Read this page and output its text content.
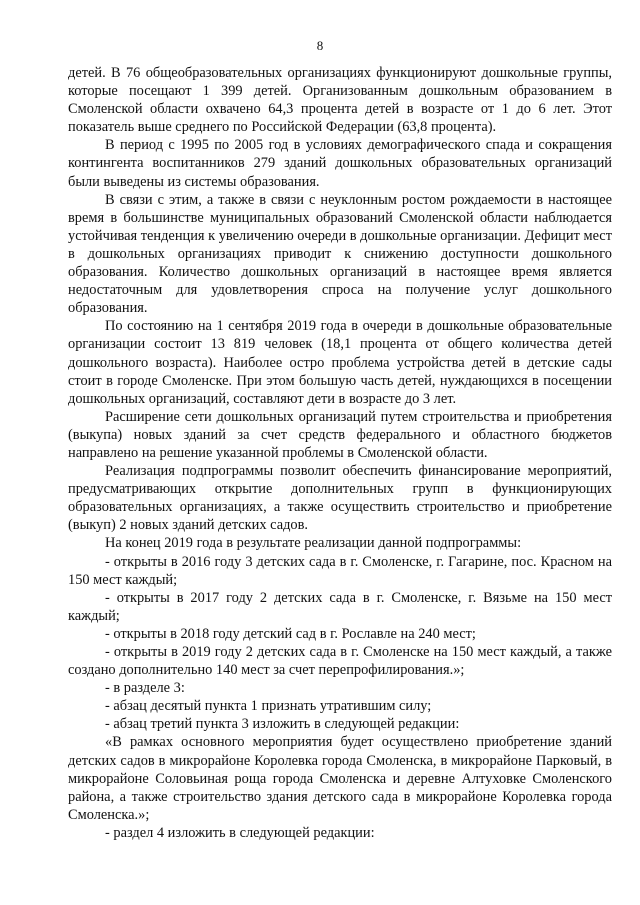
8

детей. В 76 общеобразовательных организациях функционируют дошкольные группы, которые посещают 1 399 детей. Организованным дошкольным образованием в Смоленской области охвачено 64,3 процента детей в возрасте от 1 до 6 лет. Этот показатель выше среднего по Российской Федерации (63,8 процента).

В период с 1995 по 2005 год в условиях демографического спада и сокращения контингента воспитанников 279 зданий дошкольных образовательных организаций были выведены из системы образования.

В связи с этим, а также в связи с неуклонным ростом рождаемости в настоящее время в большинстве муниципальных образований Смоленской области наблюдается устойчивая тенденция к увеличению очереди в дошкольные организации. Дефицит мест в дошкольных организациях приводит к снижению доступности дошкольного образования. Количество дошкольных организаций в настоящее время является недостаточным для удовлетворения спроса на получение услуг дошкольного образования.

По состоянию на 1 сентября 2019 года в очереди в дошкольные образовательные организации состоит 13 819 человек (18,1 процента от общего количества детей дошкольного возраста). Наиболее остро проблема устройства детей в детские сады стоит в городе Смоленске. При этом большую часть детей, нуждающихся в посещении дошкольных организаций, составляют дети в возрасте до 3 лет.

Расширение сети дошкольных организаций путем строительства и приобретения (выкупа) новых зданий за счет средств федерального и областного бюджетов направлено на решение указанной проблемы в Смоленской области.

Реализация подпрограммы позволит обеспечить финансирование мероприятий, предусматривающих открытие дополнительных групп в функционирующих образовательных организациях, а также осуществить строительство и приобретение (выкуп) 2 новых зданий детских садов.

На конец 2019 года в результате реализации данной подпрограммы:

- открыты в 2016 году 3 детских сада в г. Смоленске, г. Гагарине, пос. Красном на 150 мест каждый;

- открыты в 2017 году 2 детских сада в г. Смоленске, г. Вязьме на 150 мест каждый;

- открыты в 2018 году детский сад в г. Рославле на 240 мест;

- открыты в 2019 году 2 детских сада в г. Смоленске на 150 мест каждый, а также создано дополнительно 140 мест за счет перепрофилирования.»;

- в разделе 3:

- абзац десятый пункта 1 признать утратившим силу;

- абзац третий пункта 3 изложить в следующей редакции:

«В рамках основного мероприятия будет осуществлено приобретение зданий детских садов в микрорайоне Королевка города Смоленска, в микрорайоне Парковый, в микрорайоне Соловьиная роща города Смоленска и деревне Алтуховке Смоленского района, а также строительство здания детского сада в микрорайоне Королевка города Смоленска.»;

- раздел 4 изложить в следующей редакции:
